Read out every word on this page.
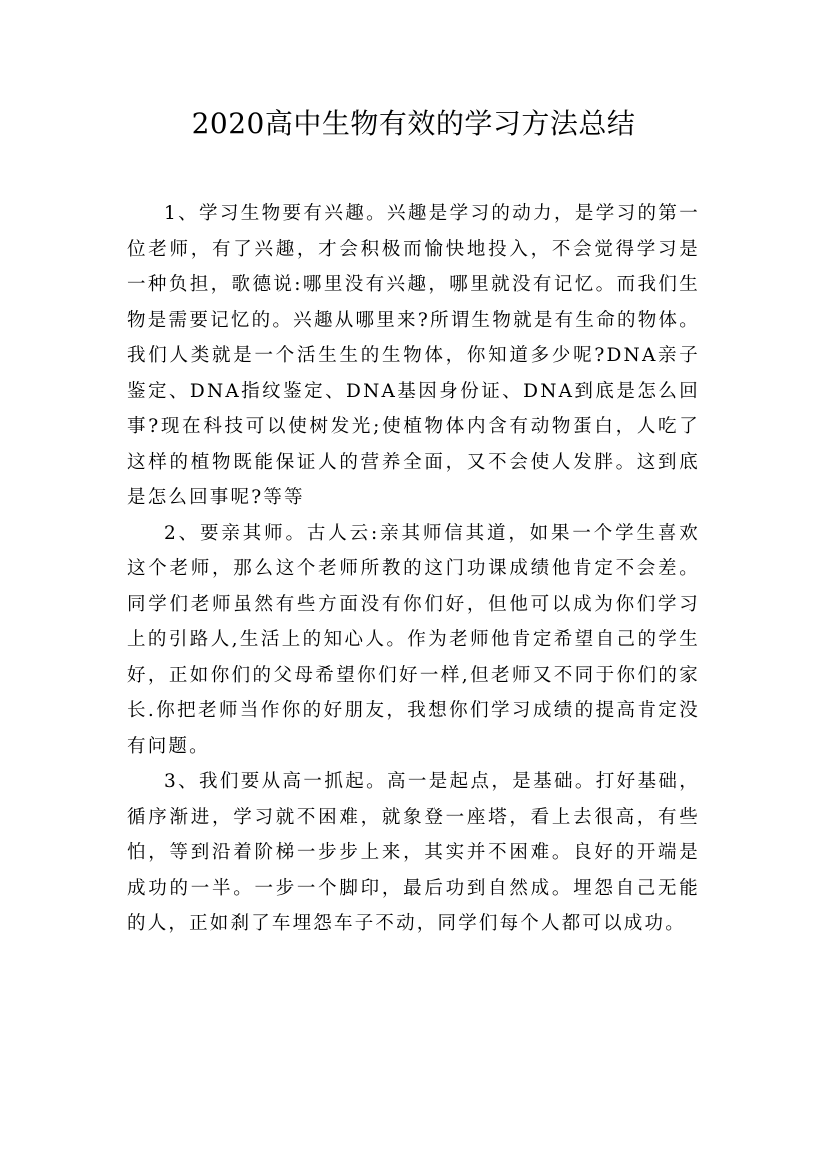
2020高中生物有效的学习方法总结

1、学习生物要有兴趣。兴趣是学习的动力，是学习的第一位老师，有了兴趣，才会积极而愉快地投入，不会觉得学习是一种负担，歌德说:哪里没有兴趣，哪里就没有记忆。而我们生物是需要记忆的。兴趣从哪里来?所谓生物就是有生命的物体。我们人类就是一个活生生的生物体，你知道多少呢?DNA亲子鉴定、DNA指纹鉴定、DNA基因身份证、DNA到底是怎么回事?现在科技可以使树发光;使植物体内含有动物蛋白，人吃了这样的植物既能保证人的营养全面，又不会使人发胖。这到底是怎么回事呢?等等

2、要亲其师。古人云:亲其师信其道，如果一个学生喜欢这个老师，那么这个老师所教的这门功课成绩他肯定不会差。同学们老师虽然有些方面没有你们好，但他可以成为你们学习上的引路人,生活上的知心人。作为老师他肯定希望自己的学生好，正如你们的父母希望你们好一样,但老师又不同于你们的家长.你把老师当作你的好朋友，我想你们学习成绩的提高肯定没有问题。

3、我们要从高一抓起。高一是起点，是基础。打好基础，循序渐进，学习就不困难，就象登一座塔，看上去很高，有些怕，等到沿着阶梯一步步上来，其实并不困难。良好的开端是成功的一半。一步一个脚印，最后功到自然成。埋怨自己无能的人，正如刹了车埋怨车子不动，同学们每个人都可以成功。
